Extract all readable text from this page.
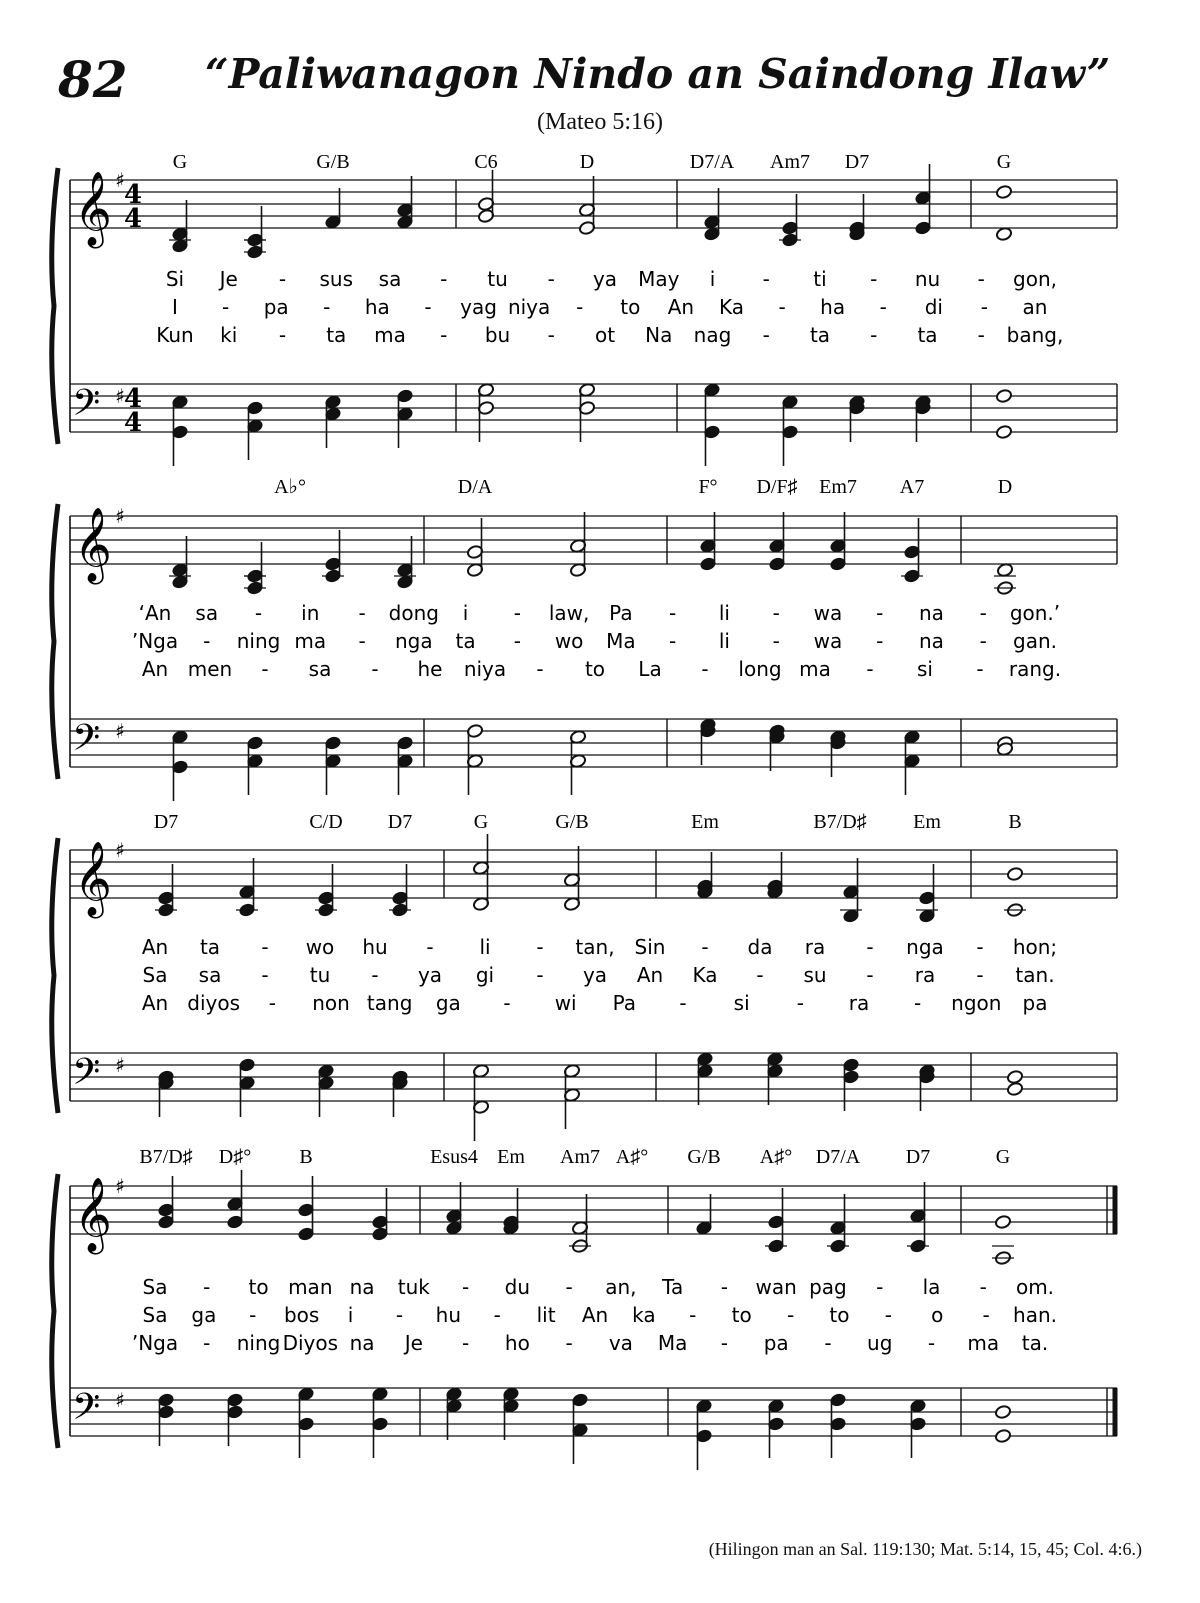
82 “Paliwanagon Nindo an Saindong Ilaw”
(Mateo 5:16)
𝄞
𝄢
♯
♯
4
4
4
4
G	G/B	C6	D	D7/A Am7 D7	G
Si Je - sus sa - tu - ya May i - ti - nu - gon,
I - pa - ha - yag niya - to An Ka - ha - di - an
Kun ki - ta ma - bu - ot Na nag - ta - ta - bang,
𝄞
𝄢
♯
♯
A♭°	D/A	F° D/F♯ Em7 A7	D
‘An sa - in - dong i - law, Pa - li - wa - na - gon.’
’Nga - ning ma - nga ta - wo Ma - li - wa - na - gan.
An men - sa - he niya - to La - long ma - si - rang.
𝄞
𝄢
♯
♯
D7	C/D D7	G	G/B	Em	B7/D♯ Em	B
An ta - wo hu - li - tan, Sin - da ra - nga - hon;
Sa sa - tu - ya gi - ya An Ka - su - ra - tan.
An diyos - non tang ga - wi Pa - si - ra - ngon pa
𝄞
𝄢
♯
♯
B7/D♯ D♯° B	Esus4 Em Am7 A♯° G/B A♯° D7/A D7	G
Sa - to man na tuk - du - an, Ta - wan pag - la - om.
Sa ga - bos i - hu - lit An ka - to - to - o - han.
’Nga - ning Diyos na Je - ho - va Ma - pa - ug - ma ta.
(Hilingon man an Sal. 119:130; Mat. 5:14, 15, 45; Col. 4:6.)
